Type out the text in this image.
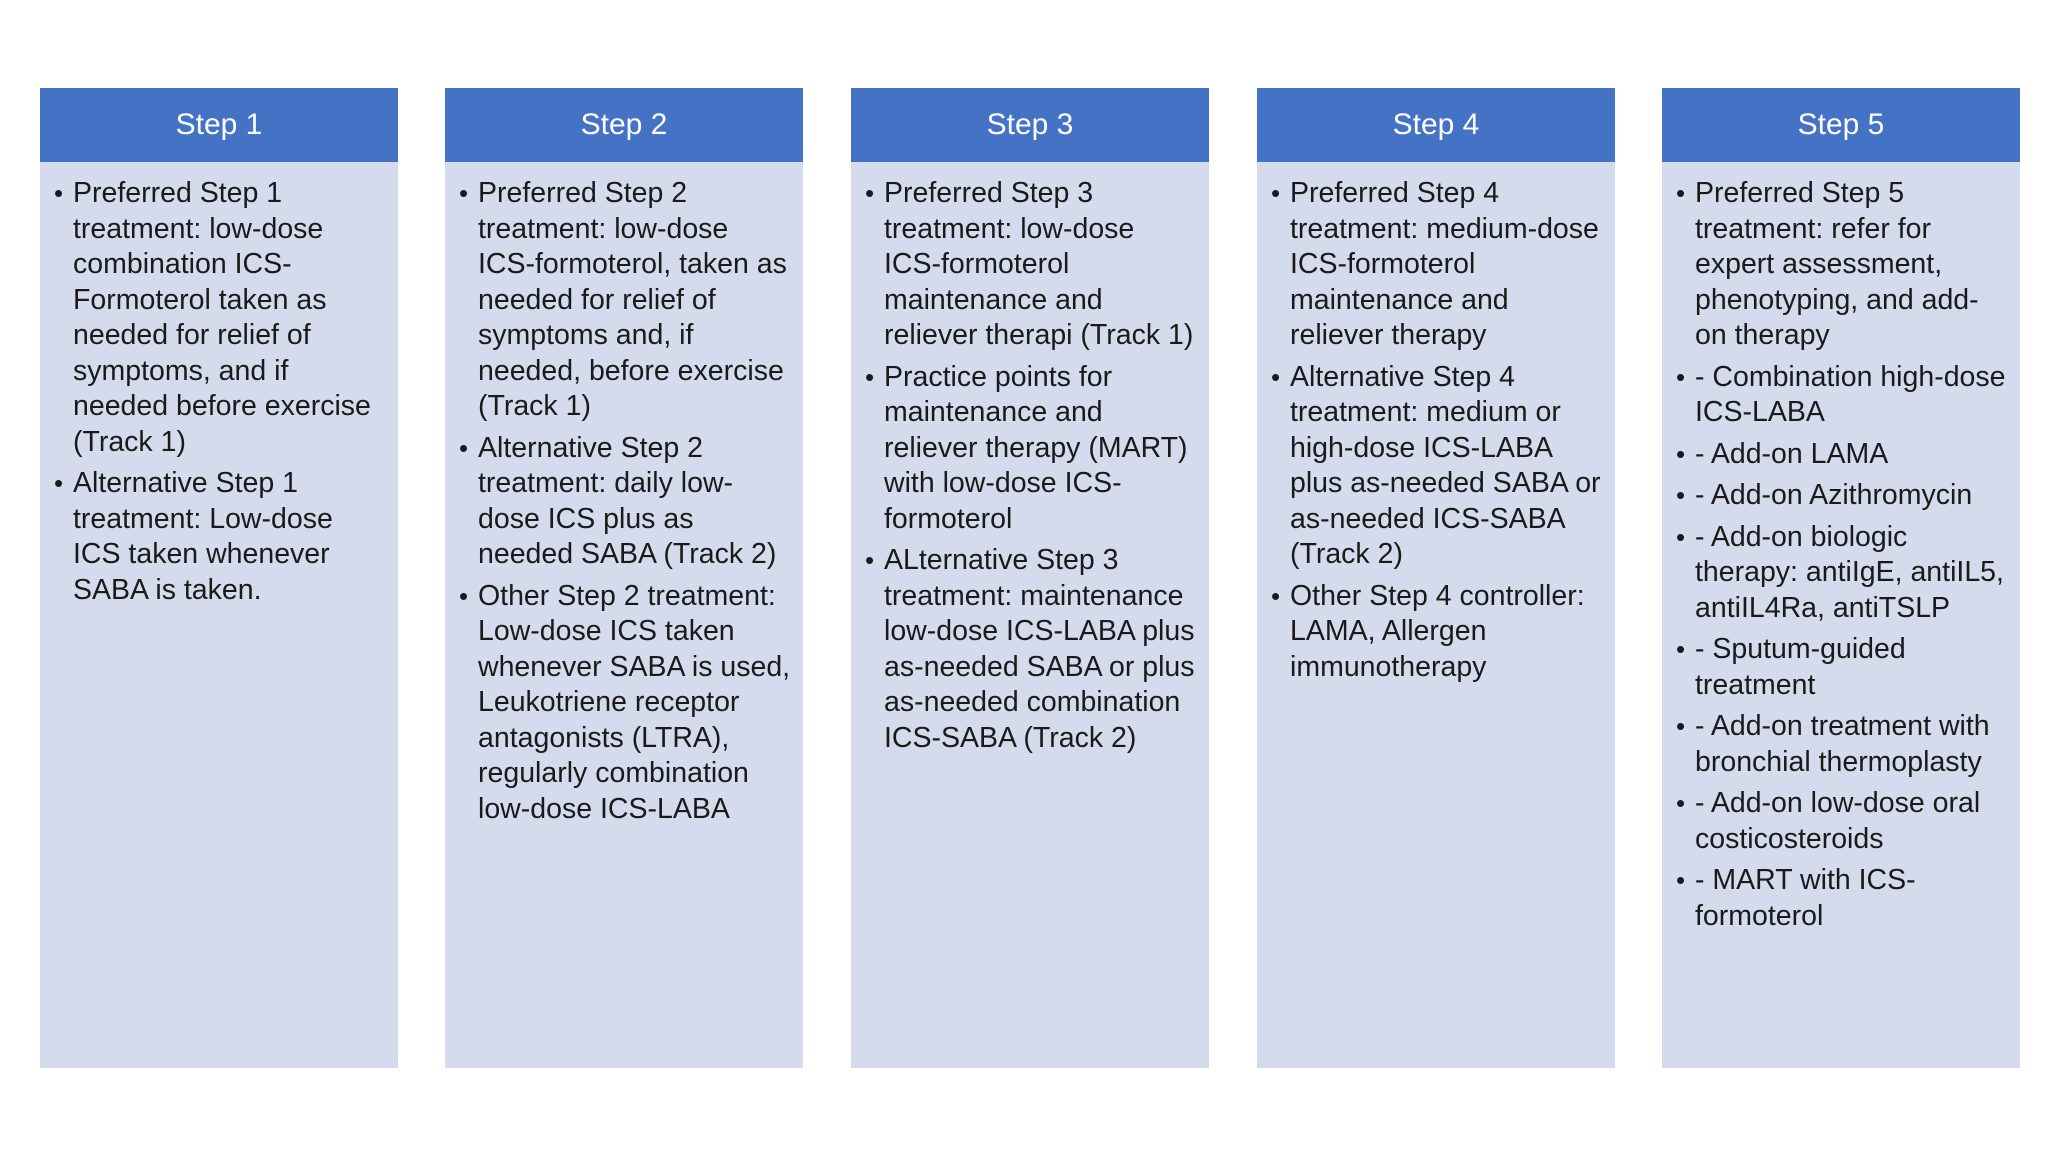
Step 1
• Preferred Step 1 treatment: low-dose combination ICS-Formoterol taken as needed for relief of symptoms, and if needed before exercise (Track 1)
• Alternative Step 1 treatment: Low-dose ICS taken whenever SABA is taken.
Step 2
• Preferred Step 2 treatment: low-dose ICS-formoterol, taken as needed for relief of symptoms and, if needed, before exercise (Track 1)
• Alternative Step 2 treatment: daily low-dose ICS plus as needed SABA (Track 2)
• Other Step 2 treatment: Low-dose ICS taken whenever SABA is used, Leukotriene receptor antagonists (LTRA), regularly combination low-dose ICS-LABA
Step 3
• Preferred Step 3 treatment: low-dose ICS-formoterol maintenance and reliever therapi (Track 1)
• Practice points for maintenance and reliever therapy (MART) with low-dose ICS-formoterol
• ALternative Step 3 treatment: maintenance low-dose ICS-LABA plus as-needed SABA or plus as-needed combination ICS-SABA (Track 2)
Step 4
• Preferred Step 4 treatment: medium-dose ICS-formoterol maintenance and reliever therapy
• Alternative Step 4 treatment: medium or high-dose ICS-LABA plus as-needed SABA or as-needed ICS-SABA (Track 2)
• Other Step 4 controller: LAMA, Allergen immunotherapy
Step 5
• Preferred Step 5 treatment: refer for expert assessment, phenotyping, and add-on therapy
• - Combination high-dose ICS-LABA
• - Add-on LAMA
• - Add-on Azithromycin
• - Add-on biologic therapy: antiIgE, antiIL5, antiIL4Ra, antiTSLP
• - Sputum-guided treatment
• - Add-on treatment with bronchial thermoplasty
• - Add-on low-dose oral costicosteroids
• - MART with ICS-formoterol
